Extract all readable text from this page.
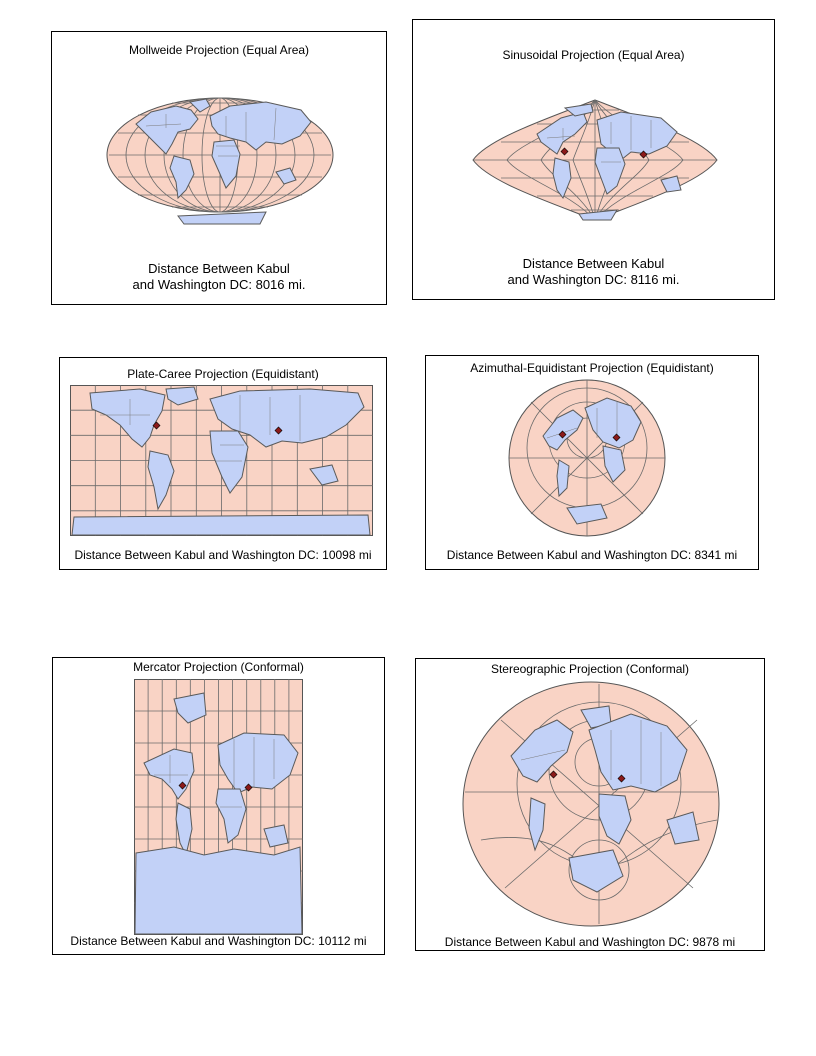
Mollweide Projection (Equal Area)
Distance Between Kabul
and Washington DC: 8016 mi.
Sinusoidal Projection (Equal Area)
Distance Between Kabul
and Washington DC: 8116 mi.
Plate-Caree Projection (Equidistant)
Distance Between Kabul and Washington DC: 10098 mi
Azimuthal-Equidistant Projection (Equidistant)
Distance Between Kabul and Washington DC: 8341 mi
Mercator Projection (Conformal)
Distance Between Kabul and Washington DC: 10112 mi
Stereographic Projection (Conformal)
Distance Between Kabul and Washington DC: 9878 mi
